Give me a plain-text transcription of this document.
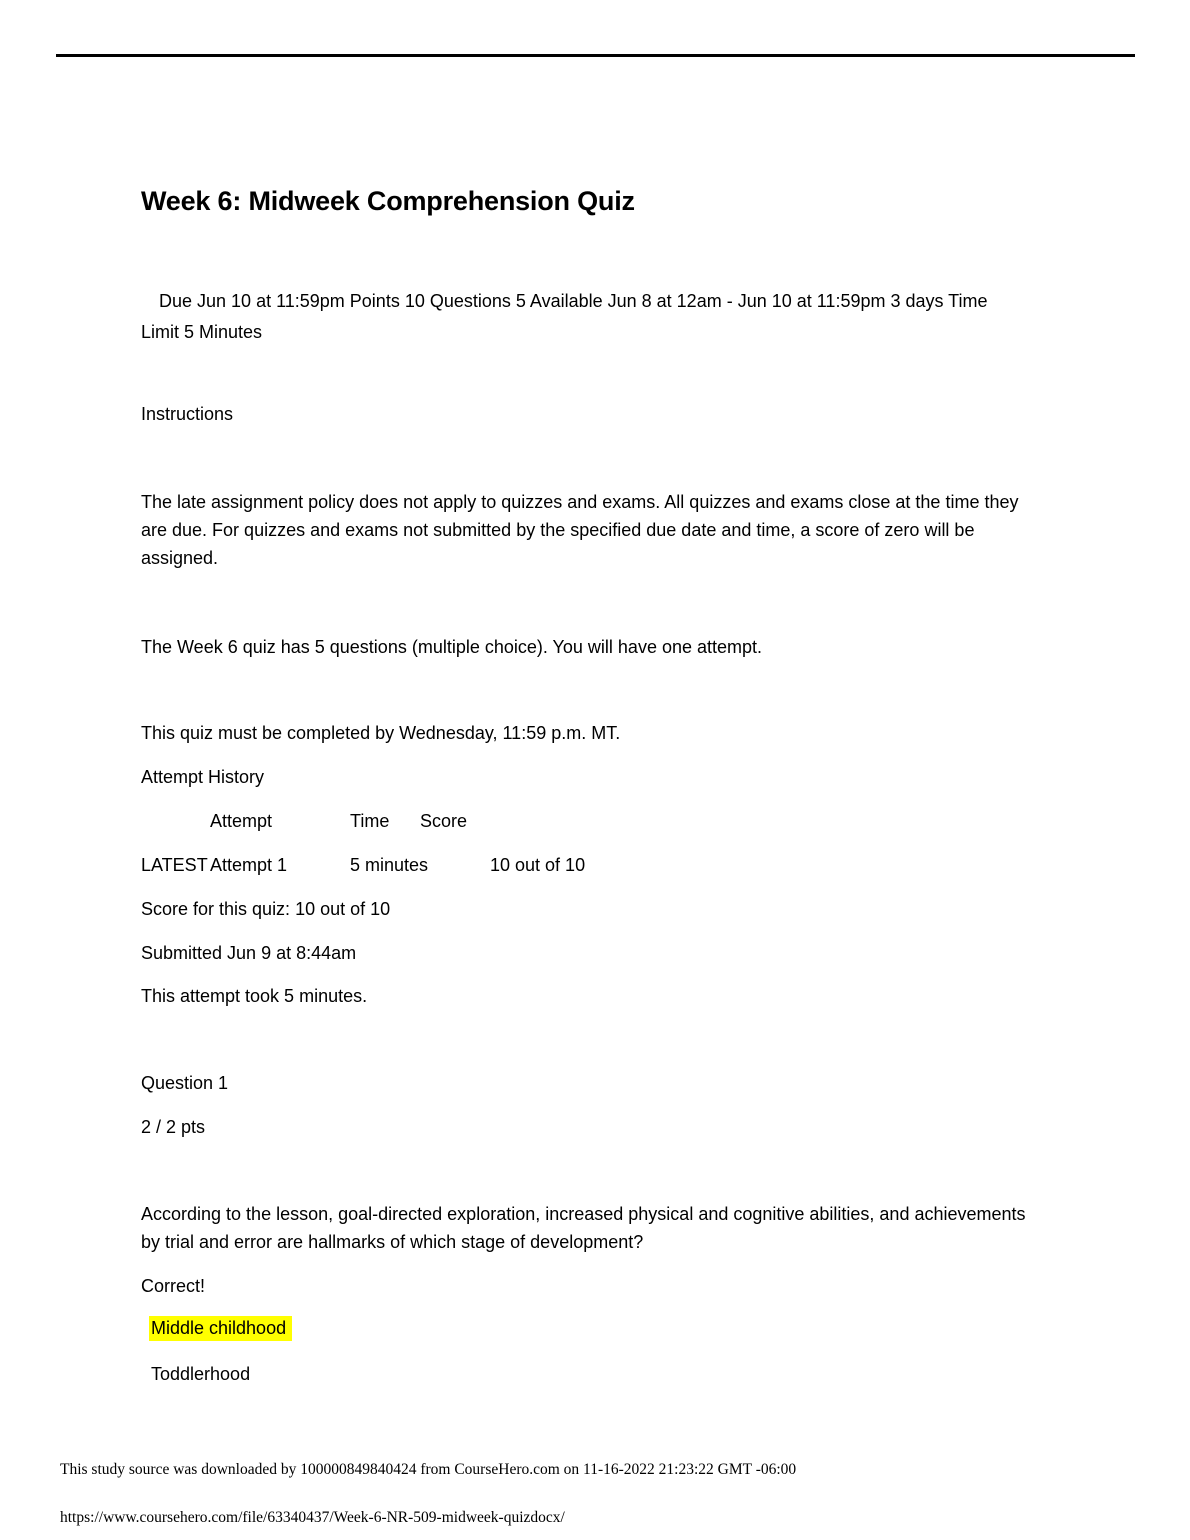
Week 6: Midweek Comprehension Quiz
Due Jun 10 at 11:59pm Points 10 Questions 5 Available Jun 8 at 12am - Jun 10 at 11:59pm 3 days Time Limit 5 Minutes
Instructions
The late assignment policy does not apply to quizzes and exams. All quizzes and exams close at the time they are due. For quizzes and exams not submitted by the specified due date and time, a score of zero will be assigned.
The Week 6 quiz has 5 questions (multiple choice). You will have one attempt.
This quiz must be completed by Wednesday, 11:59 p.m. MT.
Attempt History
Attempt	Time Score
LATEST Attempt 1	5 minutes	10 out of 10
Score for this quiz: 10 out of 10
Submitted Jun 9 at 8:44am
This attempt took 5 minutes.
Question 1
2 / 2 pts
According to the lesson, goal-directed exploration, increased physical and cognitive abilities, and achievements by trial and error are hallmarks of which stage of development?
Correct!
Middle childhood
Toddlerhood
This study source was downloaded by 100000849840424 from CourseHero.com on 11-16-2022 21:23:22 GMT -06:00
https://www.coursehero.com/file/63340437/Week-6-NR-509-midweek-quizdocx/
